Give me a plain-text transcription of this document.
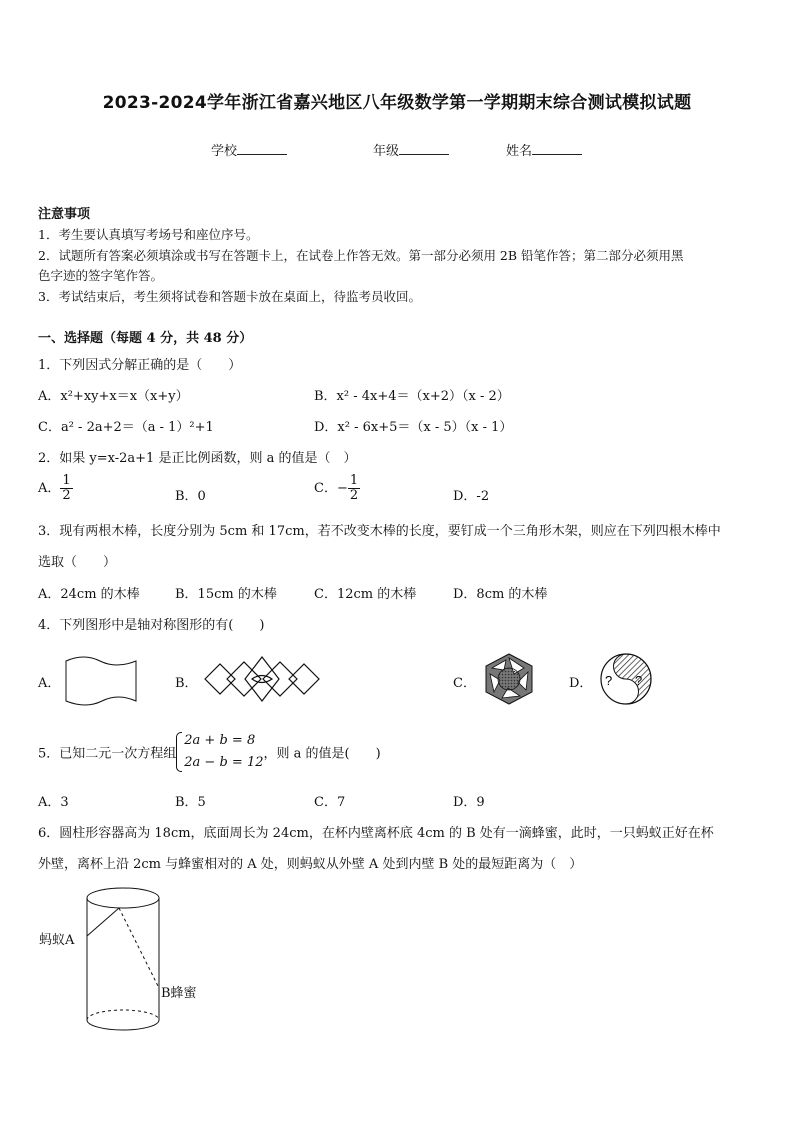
2023-2024学年浙江省嘉兴地区八年级数学第一学期期末综合测试模拟试题
学校	年级	姓名
注意事项
1．考生要认真填写考场号和座位序号。
2．试题所有答案必须填涂或书写在答题卡上，在试卷上作答无效。第一部分必须用 2B 铅笔作答；第二部分必须用黑
色字迹的签字笔作答。
3．考试结束后，考生须将试卷和答题卡放在桌面上，待监考员收回。
一、选择题（每题 4 分，共 48 分）
1．下列因式分解正确的是（　　）
A．x²+xy+x＝x（x+y）	B．x² - 4x+4＝（x+2）（x - 2）
C．a² - 2a+2＝（a - 1）²+1	D．x² - 6x+5＝（x - 5）（x - 1）
2．如果 y=x-2a+1 是正比例函数，则 a 的值是（　）
A． $\frac{1}{2}$	B．0
C．− $\frac{1}{2}$	D．-2
3．现有两根木棒，长度分别为 5cm 和 17cm，若不改变木棒的长度，要钉成一个三角形木架，则应在下列四根木棒中
选取（　　）
A．24cm 的木棒	B．15cm 的木棒	C．12cm 的木棒	D．8cm 的木棒
4．下列图形中是轴对称图形的有(　　)
A．	B．	C．	D． ? ?
5．已知二元一次方程组
2a + b = 8
2a − b = 12
，则 a 的值是(　　)
A．3	B．5	C．7	D．9
6．圆柱形容器高为 18cm，底面周长为 24cm，在杯内壁离杯底 4cm 的 B 处有一滴蜂蜜，此时，一只蚂蚁正好在杯
外壁，离杯上沿 2cm 与蜂蜜相对的 A 处，则蚂蚁从外壁 A 处到内壁 B 处的最短距离为（　）
蚂蚁A
B蜂蜜
